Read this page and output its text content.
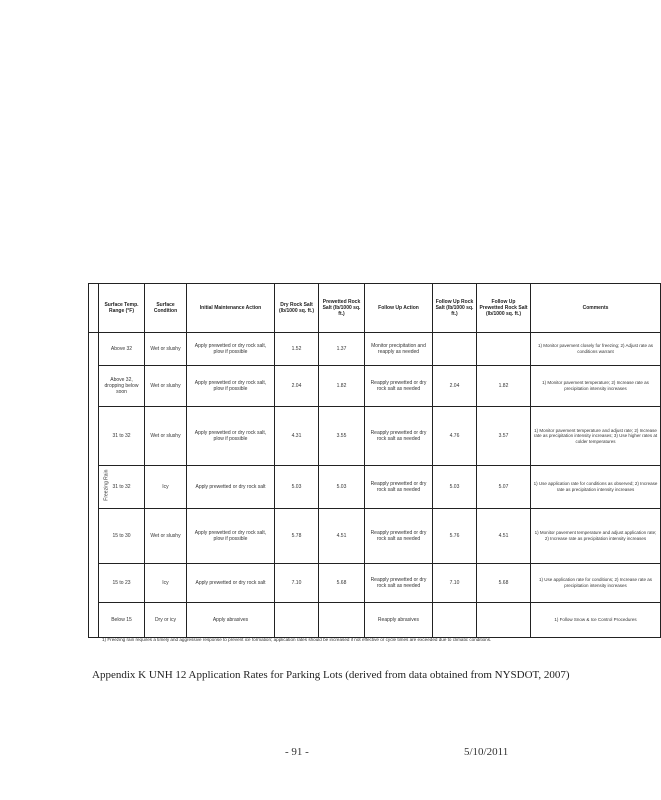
	Surface Temp. Range (°F)	Surface Condition	Initial Maintenance Action	Dry Rock Salt (lb/1000 sq. ft.)	Prewetted Rock Salt (lb/1000 sq. ft.)	Follow Up Action	Follow Up Rock Salt (lb/1000 sq. ft.)	Follow Up Prewetted Rock Salt (lb/1000 sq. ft.)	Comments
Freezing Rain	Above 32	Wet or slushy	Apply prewetted or dry rock salt, plow if possible	1.52	1.37	Monitor precipitation and reapply as needed			1) Monitor pavement closely for freezing; 2) Adjust rate as conditions warrant
	Above 32, dropping below soon	Wet or slushy	Apply prewetted or dry rock salt, plow if possible	2.04	1.82	Reapply prewetted or dry rock salt as needed	2.04	1.82	1) Monitor pavement temperature; 2) Increase rate as precipitation intensity increases
	31 to 32	Wet or slushy	Apply prewetted or dry rock salt, plow if possible	4.31	3.55	Reapply prewetted or dry rock salt as needed	4.76	3.57	1) Monitor pavement temperature and adjust rate; 2) Increase rate as precipitation intensity increases; 3) Use higher rates at colder temperatures
	31 to 32	Icy	Apply prewetted or dry rock salt	5.03	5.03	Reapply prewetted or dry rock salt as needed	5.03	5.07	1) Use application rate for conditions as observed; 2) Increase rate as precipitation intensity increases
	15 to 30	Wet or slushy	Apply prewetted or dry rock salt, plow if possible	5.78	4.51	Reapply prewetted or dry rock salt as needed	5.76	4.51	1) Monitor pavement temperature and adjust application rate; 2) Increase rate as precipitation intensity increases
	15 to 23	Icy	Apply prewetted or dry rock salt	7.10	5.68	Reapply prewetted or dry rock salt as needed	7.10	5.68	1) Use application rate for conditions; 2) Increase rate as precipitation intensity increases
	Below 15	Dry or icy	Apply abrasives			Reapply abrasives			1) Follow Snow & Ice Control Procedures
1) Freezing rain requires a timely and aggressive response to prevent ice formation; application rates should be increased if not effective or cycle times are exceeded due to climatic conditions.
Appendix K UNH 12 Application Rates for Parking Lots (derived from data obtained from NYSDOT, 2007)
- 91 -	5/10/2011
